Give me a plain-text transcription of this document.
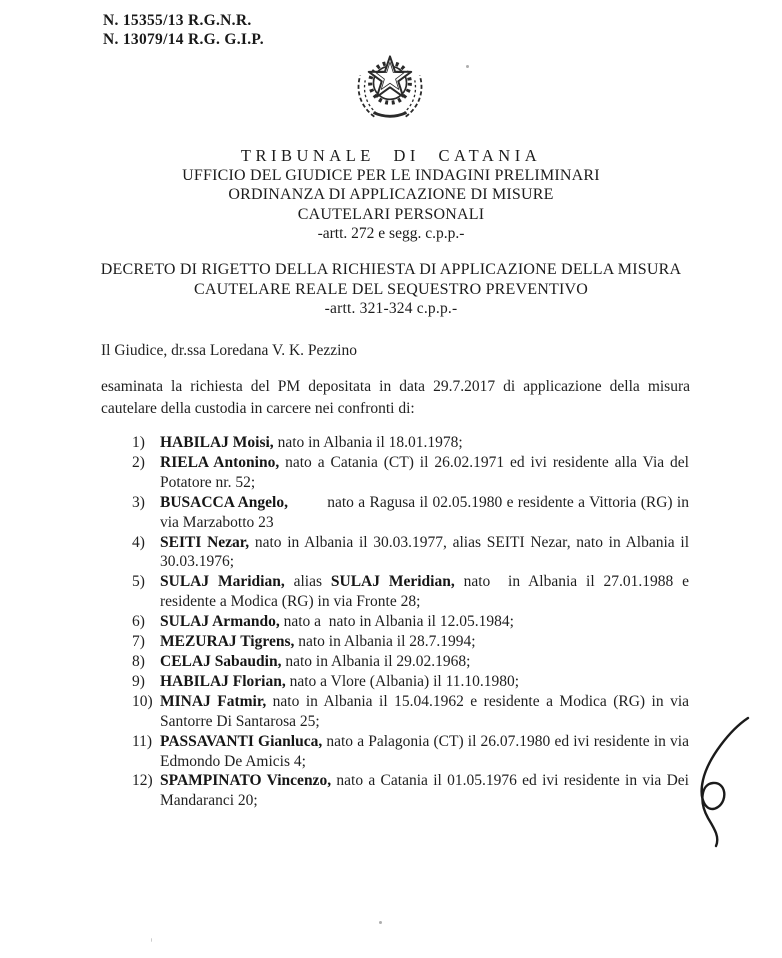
N. 15355/13 R.G.N.R.
N. 13079/14 R.G. G.I.P.
TRIBUNALE DI CATANIA
UFFICIO DEL GIUDICE PER LE INDAGINI PRELIMINARI
ORDINANZA DI APPLICAZIONE DI MISURE
CAUTELARI PERSONALI
-artt. 272 e segg. c.p.p.-
DECRETO DI RIGETTO DELLA RICHIESTA DI APPLICAZIONE DELLA MISURA
CAUTELARE REALE DEL SEQUESTRO PREVENTIVO
-artt. 321-324 c.p.p.-
Il Giudice, dr.ssa Loredana V. K. Pezzino
esaminata la richiesta del PM depositata in data 29.7.2017 di applicazione della misura cautelare della custodia in carcere nei confronti di:
1) HABILAJ Moisi, nato in Albania il 18.01.1978;
2) RIELA Antonino, nato a Catania (CT) il 26.02.1971 ed ivi residente alla Via del Potatore nr. 52;
3) BUSACCA Angelo,         nato a Ragusa il 02.05.1980 e residente a Vittoria (RG) in via Marzabotto 23
4) SEITI Nezar, nato in Albania il 30.03.1977, alias SEITI Nezar, nato in Albania il 30.03.1976;
5) SULAJ Maridian, alias SULAJ Meridian, nato  in Albania il 27.01.1988 e residente a Modica (RG) in via Fronte 28;
6) SULAJ Armando, nato a  nato in Albania il 12.05.1984;
7) MEZURAJ Tigrens, nato in Albania il 28.7.1994;
8) CELAJ Sabaudin, nato in Albania il 29.02.1968;
9) HABILAJ Florian, nato a Vlore (Albania) il 11.10.1980;
10) MINAJ Fatmir, nato in Albania il 15.04.1962 e residente a Modica (RG) in via Santorre Di Santarosa 25;
11) PASSAVANTI Gianluca, nato a Palagonia (CT) il 26.07.1980 ed ivi residente in via Edmondo De Amicis 4;
12) SPAMPINATO Vincenzo, nato a Catania il 01.05.1976 ed ivi residente in via Dei Mandaranci 20;
